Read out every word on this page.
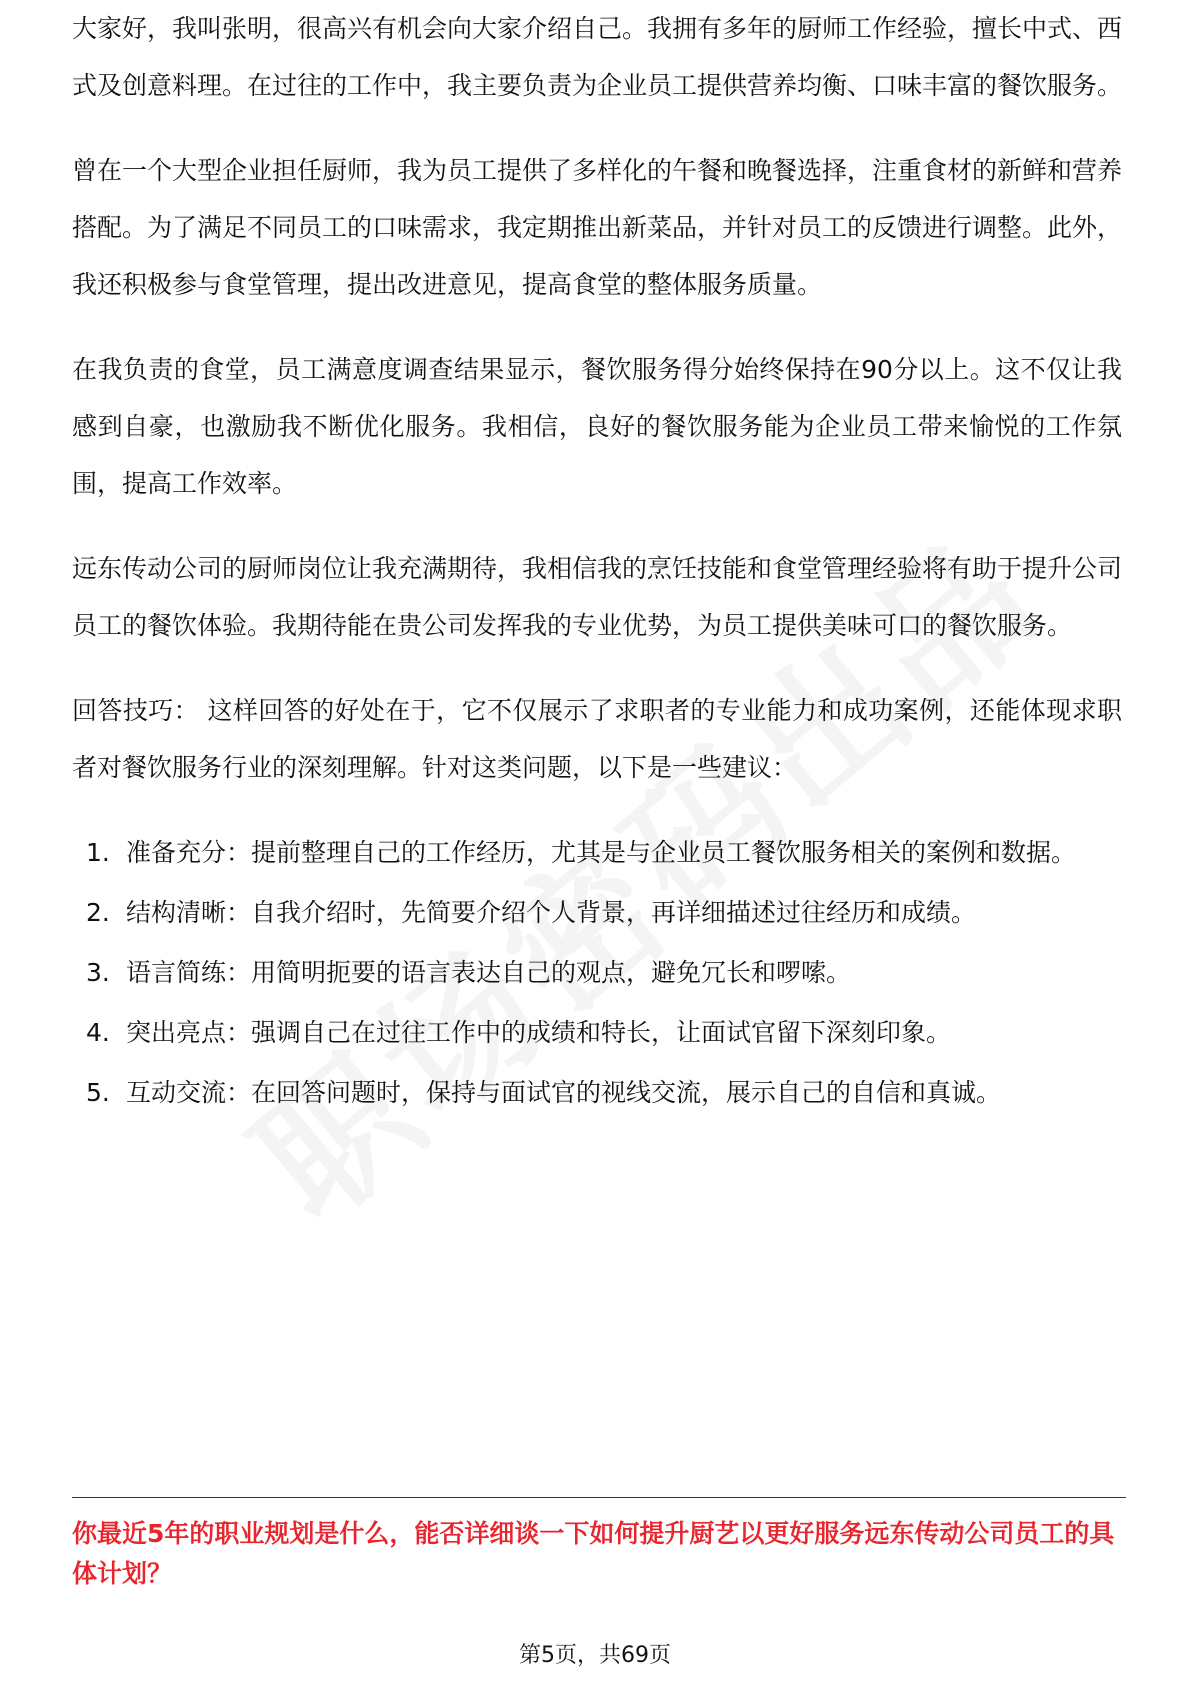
大家好，我叫张明，很高兴有机会向大家介绍自己。我拥有多年的厨师工作经验，擅长中式、西式及创意料理。在过往的工作中，我主要负责为企业员工提供营养均衡、口味丰富的餐饮服务。

曾在一个大型企业担任厨师，我为员工提供了多样化的午餐和晚餐选择，注重食材的新鲜和营养搭配。为了满足不同员工的口味需求，我定期推出新菜品，并针对员工的反馈进行调整。此外，我还积极参与食堂管理，提出改进意见，提高食堂的整体服务质量。

在我负责的食堂，员工满意度调查结果显示，餐饮服务得分始终保持在90分以上。这不仅让我感到自豪，也激励我不断优化服务。我相信，良好的餐饮服务能为企业员工带来愉悦的工作氛围，提高工作效率。

远东传动公司的厨师岗位让我充满期待，我相信我的烹饪技能和食堂管理经验将有助于提升公司员工的餐饮体验。我期待能在贵公司发挥我的专业优势，为员工提供美味可口的餐饮服务。

回答技巧： 这样回答的好处在于，它不仅展示了求职者的专业能力和成功案例，还能体现求职者对餐饮服务行业的深刻理解。针对这类问题，以下是一些建议：

1. 准备充分：提前整理自己的工作经历，尤其是与企业员工餐饮服务相关的案例和数据。
2. 结构清晰：自我介绍时，先简要介绍个人背景，再详细描述过往经历和成绩。
3. 语言简练：用简明扼要的语言表达自己的观点，避免冗长和啰嗦。
4. 突出亮点：强调自己在过往工作中的成绩和特长，让面试官留下深刻印象。
5. 互动交流：在回答问题时，保持与面试官的视线交流，展示自己的自信和真诚。
你最近5年的职业规划是什么，能否详细谈一下如何提升厨艺以更好服务远东传动公司员工的具体计划？
第5页，共69页
